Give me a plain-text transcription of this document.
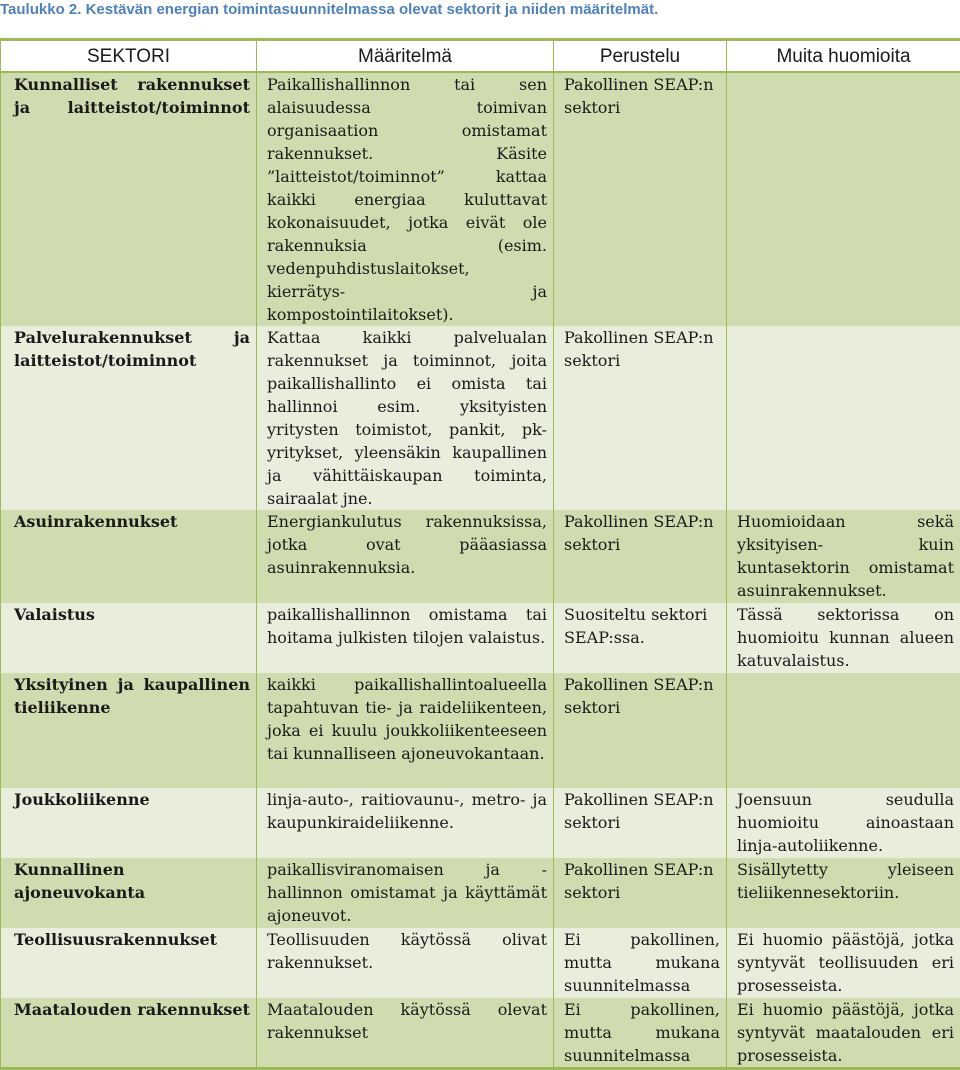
Taulukko 2. Kestävän energian toimintasuunnitelmassa olevat sektorit ja niiden määritelmät.
SEKTORI	Määritelmä	Perustelu	Muita huomioita
Kunnalliset rakennukset ja laitteistot/toiminnot	Paikallishallinnon tai sen alaisuudessa toimivan organisaation omistamat rakennukset. Käsite ”laitteistot/toiminnot” kattaa kaikki energiaa kuluttavat kokonaisuudet, jotka eivät ole rakennuksia (esim. vedenpuhdistuslaitokset, kierrätys- ja kompostointilaitokset).	Pakollinen SEAP:n sektori	
Palvelurakennukset ja laitteistot/toiminnot	Kattaa kaikki palvelualan rakennukset ja toiminnot, joita paikallishallinto ei omista tai hallinnoi esim. yksityisten yritysten toimistot, pankit, pk-yritykset, yleensäkin kaupallinen ja vähittäiskaupan toiminta, sairaalat jne.	Pakollinen SEAP:n sektori	
Asuinrakennukset	Energiankulutus rakennuksissa, jotka ovat pääasiassa asuinrakennuksia.	Pakollinen SEAP:n sektori	Huomioidaan sekä yksityisen- kuin kuntasektorin omistamat asuinrakennukset.
Valaistus	paikallishallinnon omistama tai hoitama julkisten tilojen valaistus.	Suositeltu sektori SEAP:ssa.	Tässä sektorissa on huomioitu kunnan alueen katuvalaistus.
Yksityinen ja kaupallinen tieliikenne	kaikki paikallishallintoalueella tapahtuvan tie- ja raideliikenteen, joka ei kuulu joukkoliikenteeseen tai kunnalliseen ajoneuvokantaan.	Pakollinen SEAP:n sektori	
Joukkoliikenne	linja-auto-, raitiovaunu-, metro- ja kaupunkiraideliikenne.	Pakollinen SEAP:n sektori	Joensuun seudulla huomioitu ainoastaan linja-autoliikenne.
Kunnallinen ajoneuvokanta	paikallisviranomaisen ja -hallinnon omistamat ja käyttämät ajoneuvot.	Pakollinen SEAP:n sektori	Sisällytetty yleiseen tieliikennesektoriin.
Teollisuusrakennukset	Teollisuuden käytössä olivat rakennukset.	Ei pakollinen, mutta mukana suunnitelmassa	Ei huomio päästöjä, jotka syntyvät teollisuuden eri prosesseista.
Maatalouden rakennukset	Maatalouden käytössä olevat rakennukset	Ei pakollinen, mutta mukana suunnitelmassa	Ei huomio päästöjä, jotka syntyvät maatalouden eri prosesseista.
